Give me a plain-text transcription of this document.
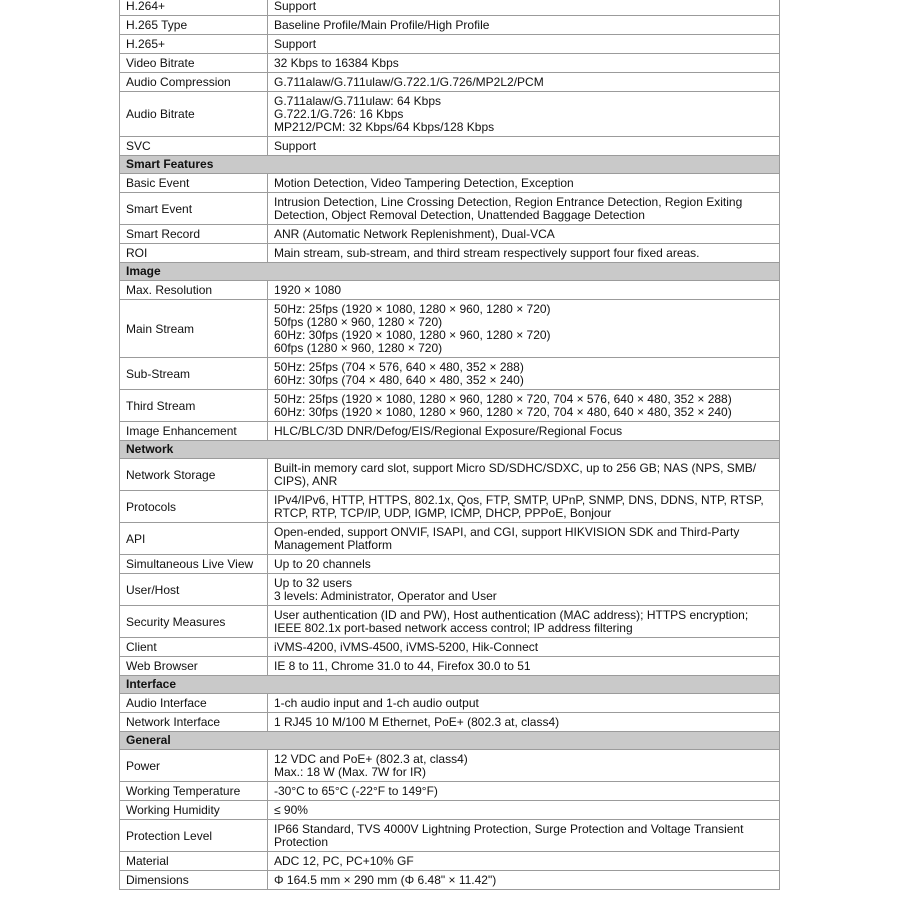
H.264+	Support
H.265 Type	Baseline Profile/Main Profile/High Profile
H.265+	Support
Video Bitrate	32 Kbps to 16384 Kbps
Audio Compression	G.711alaw/G.711ulaw/G.722.1/G.726/MP2L2/PCM
Audio Bitrate	G.711alaw/G.711ulaw: 64 Kbps
G.722.1/G.726: 16 Kbps
MP212/PCM: 32 Kbps/64 Kbps/128 Kbps
SVC	Support
Smart Features	
Basic Event	Motion Detection, Video Tampering Detection, Exception
Smart Event	Intrusion Detection, Line Crossing Detection, Region Entrance Detection, Region Exiting Detection, Object Removal Detection, Unattended Baggage Detection
Smart Record	ANR (Automatic Network Replenishment), Dual-VCA
ROI	Main stream, sub-stream, and third stream respectively support four fixed areas.
Image	
Max. Resolution	1920 × 1080
Main Stream	50Hz: 25fps (1920 × 1080, 1280 × 960, 1280 × 720)
50fps (1280 × 960, 1280 × 720)
60Hz: 30fps (1920 × 1080, 1280 × 960, 1280 × 720)
60fps (1280 × 960, 1280 × 720)
Sub-Stream	50Hz: 25fps (704 × 576, 640 × 480, 352 × 288)
60Hz: 30fps (704 × 480, 640 × 480, 352 × 240)
Third Stream	50Hz: 25fps (1920 × 1080, 1280 × 960, 1280 × 720, 704 × 576, 640 × 480, 352 × 288)
60Hz: 30fps (1920 × 1080, 1280 × 960, 1280 × 720, 704 × 480, 640 × 480, 352 × 240)
Image Enhancement	HLC/BLC/3D DNR/Defog/EIS/Regional Exposure/Regional Focus
Network	
Network Storage	Built-in memory card slot, support Micro SD/SDHC/SDXC, up to 256 GB; NAS (NPS, SMB/ CIPS), ANR
Protocols	IPv4/IPv6, HTTP, HTTPS, 802.1x, Qos, FTP, SMTP, UPnP, SNMP, DNS, DDNS, NTP, RTSP, RTCP, RTP, TCP/IP, UDP, IGMP, ICMP, DHCP, PPPoE, Bonjour
API	Open-ended, support ONVIF, ISAPI, and CGI, support HIKVISION SDK and Third-Party Management Platform
Simultaneous Live View	Up to 20 channels
User/Host	Up to 32 users
3 levels: Administrator, Operator and User
Security Measures	User authentication (ID and PW), Host authentication (MAC address); HTTPS encryption; IEEE 802.1x port-based network access control; IP address filtering
Client	iVMS-4200, iVMS-4500, iVMS-5200, Hik-Connect
Web Browser	IE 8 to 11, Chrome 31.0 to 44, Firefox 30.0 to 51
Interface	
Audio Interface	1-ch audio input and 1-ch audio output
Network Interface	1 RJ45 10 M/100 M Ethernet, PoE+ (802.3 at, class4)
General	
Power	12 VDC and PoE+ (802.3 at, class4)
Max.: 18 W (Max. 7W for IR)
Working Temperature	-30°C to 65°C (-22°F to 149°F)
Working Humidity	≤ 90%
Protection Level	IP66 Standard, TVS 4000V Lightning Protection, Surge Protection and Voltage Transient Protection
Material	ADC 12, PC, PC+10% GF
Dimensions	Φ 164.5 mm × 290 mm (Φ 6.48" × 11.42")
